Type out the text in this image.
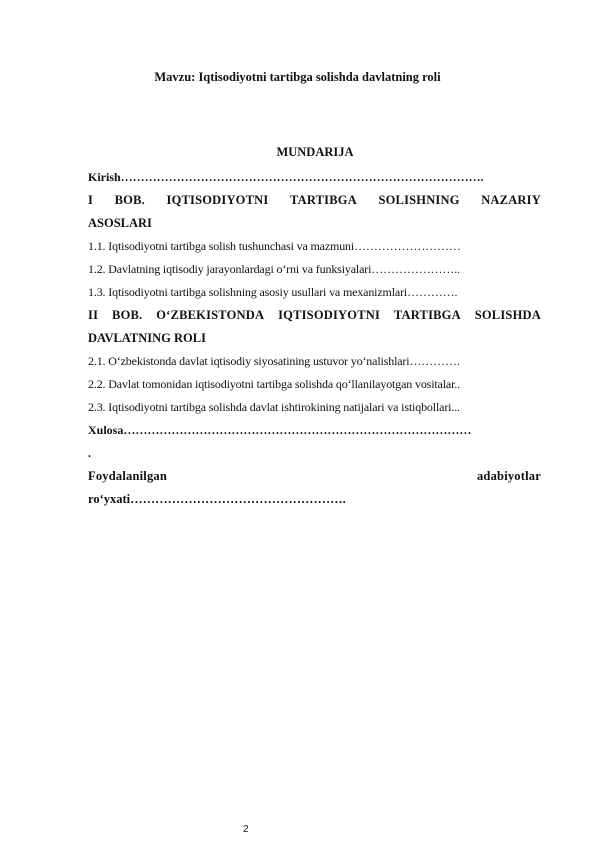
Mavzu: Iqtisodiyotni tartibga solishda davlatning roli
MUNDARIJA
Kirish……………………………………………………………………………….
I BOB. IQTISODIYOTNI TARTIBGA SOLISHNING NAZARIY
ASOSLARI
1.1. Iqtisodiyotni tartibga solish tushunchasi va mazmuni………………………
1.2. Davlatning iqtisodiy jarayonlardagi o‘rni va funksiyalari…………………..
1.3. Iqtisodiyotni tartibga solishning asosiy usullari va mexanizmlari………….
II BOB. O‘ZBEKISTONDA IQTISODIYOTNI TARTIBGA SOLISHDA
DAVLATNING ROLI
2.1. O‘zbekistonda davlat iqtisodiy siyosatining ustuvor yo‘nalishlari………….
2.2. Davlat tomonidan iqtisodiyotni tartibga solishda qo‘llanilayotgan vositalar..
2.3. Iqtisodiyotni tartibga solishda davlat ishtirokining natijalari va istiqbollari...
Xulosa……………………………………………………………………………
.
Foydalanilgan	adabiyotlar
ro‘yxati…………………………………………….
2
